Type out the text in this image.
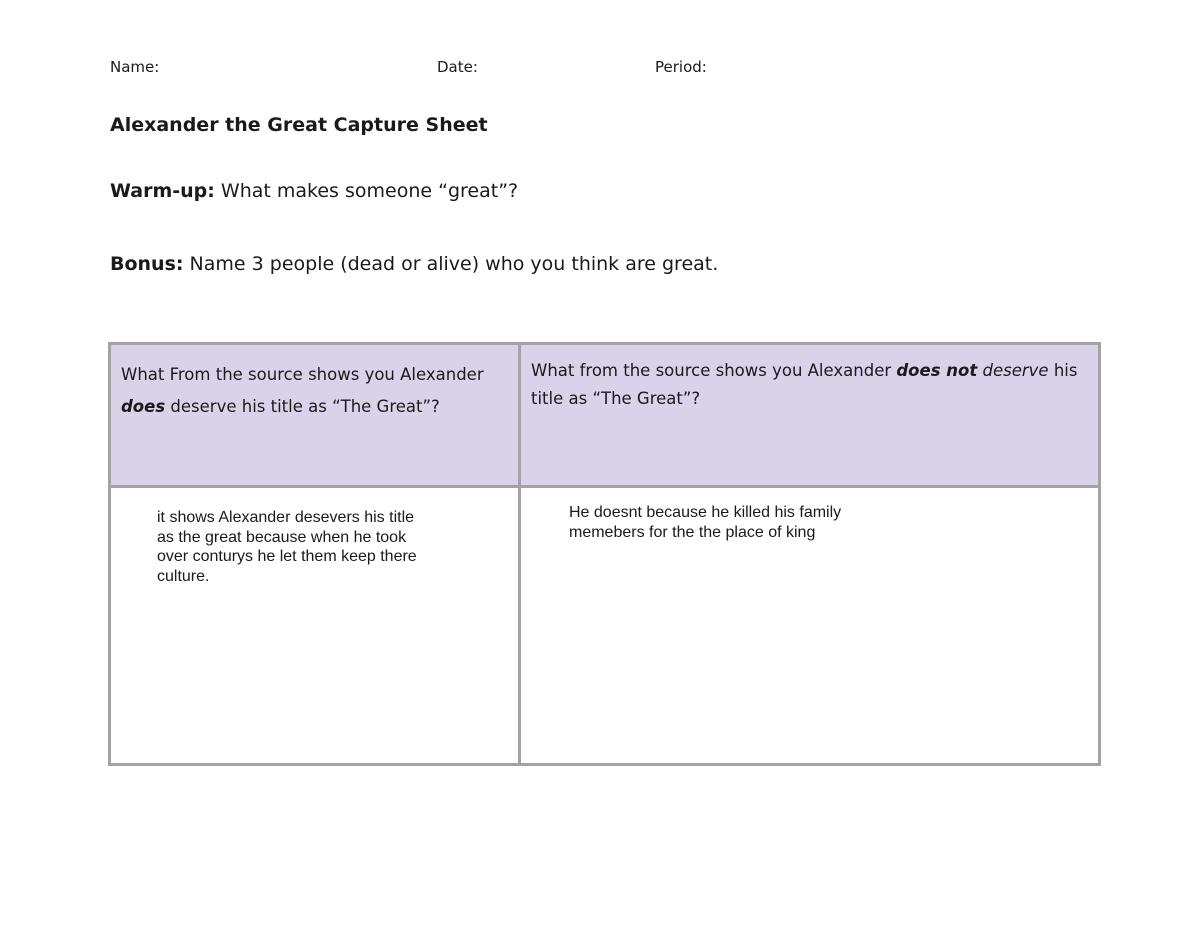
Name:	Date:	Period:
Alexander the Great Capture Sheet

Warm-up: What makes someone “great”?

Bonus: Name 3 people (dead or alive) who you think are great.

What From the source shows you Alexander does deserve his title as “The Great”?	What from the source shows you Alexander does not deserve his title as “The Great”?

it shows Alexander desevers his title as the great because when he took over conturys he let them keep there culture.	He doesnt because he killed his family memebers for the the place of king
